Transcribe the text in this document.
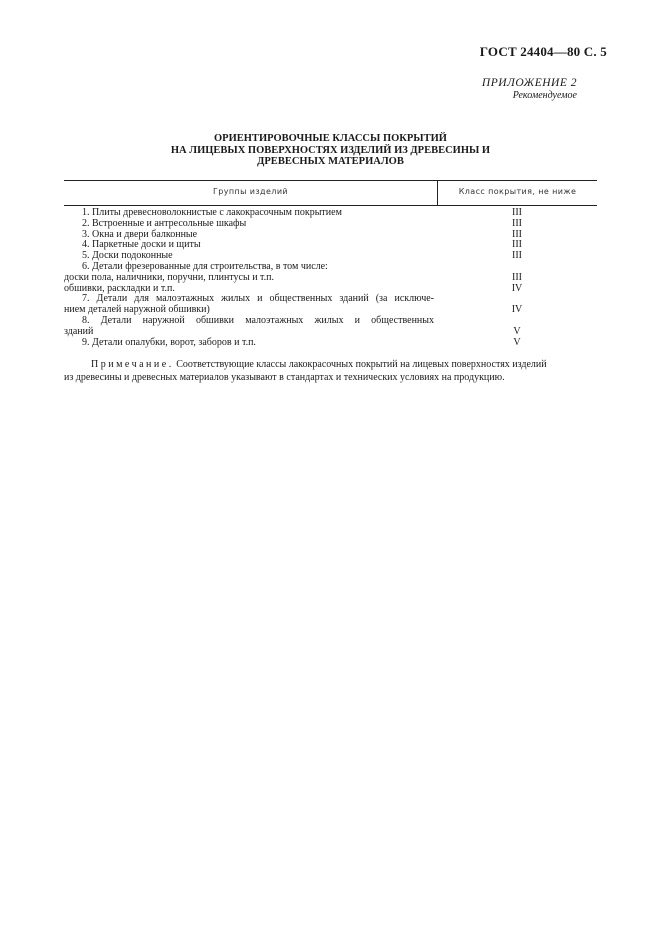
ГОСТ 24404—80 С. 5
ПРИЛОЖЕНИЕ 2
Рекомендуемое
ОРИЕНТИРОВОЧНЫЕ КЛАССЫ ПОКРЫТИЙ
НА ЛИЦЕВЫХ ПОВЕРХНОСТЯХ ИЗДЕЛИЙ ИЗ ДРЕВЕСИНЫ И
ДРЕВЕСНЫХ МАТЕРИАЛОВ
Группы изделий	Класс покрытия, не ниже
1. Плиты древесноволокнистые с лакокрасочным покрытием	III
2. Встроенные и антресольные шкафы	III
3. Окна и двери балконные	III
4. Паркетные доски и щиты	III
5. Доски подоконные	III
6. Детали фрезерованные для строительства, в том числе:
доски пола, наличники, поручни, плинтусы и т.п.	III
обшивки, раскладки и т.п.	IV
7. Детали для малоэтажных жилых и общественных зданий (за исключе-
нием деталей наружной обшивки)	IV
8. Детали наружной обшивки малоэтажных жилых и общественных
зданий	V
9. Детали опалубки, ворот, заборов и т.п.	V
Примечание. Соответствующие классы лакокрасочных покрытий на лицевых поверхностях изделий
из древесины и древесных материалов указывают в стандартах и технических условиях на продукцию.
